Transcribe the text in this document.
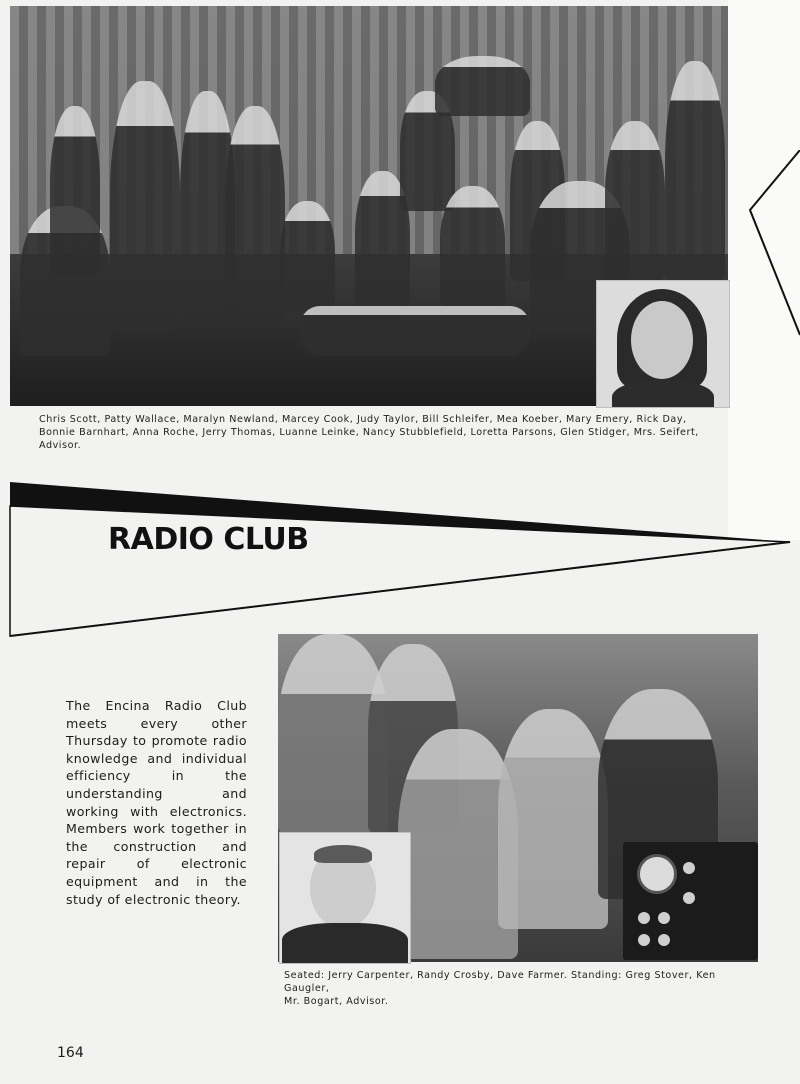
Chris Scott, Patty Wallace, Maralyn Newland, Marcey Cook, Judy Taylor, Bill Schleifer, Mea Koeber, Mary Emery, Rick Day,
Bonnie Barnhart, Anna Roche, Jerry Thomas, Luanne Leinke, Nancy Stubblefield, Loretta Parsons, Glen Stidger, Mrs. Seifert, Advisor.
RADIO CLUB
The Encina Radio Club meets every other Thursday to promote radio knowledge and individual efficiency in the understanding and working with electronics. Members work together in the construction and repair of electronic equipment and in the study of electronic theory.
Seated: Jerry Carpenter, Randy Crosby, Dave Farmer. Standing: Greg Stover, Ken Gaugler,
Mr. Bogart, Advisor.
164
